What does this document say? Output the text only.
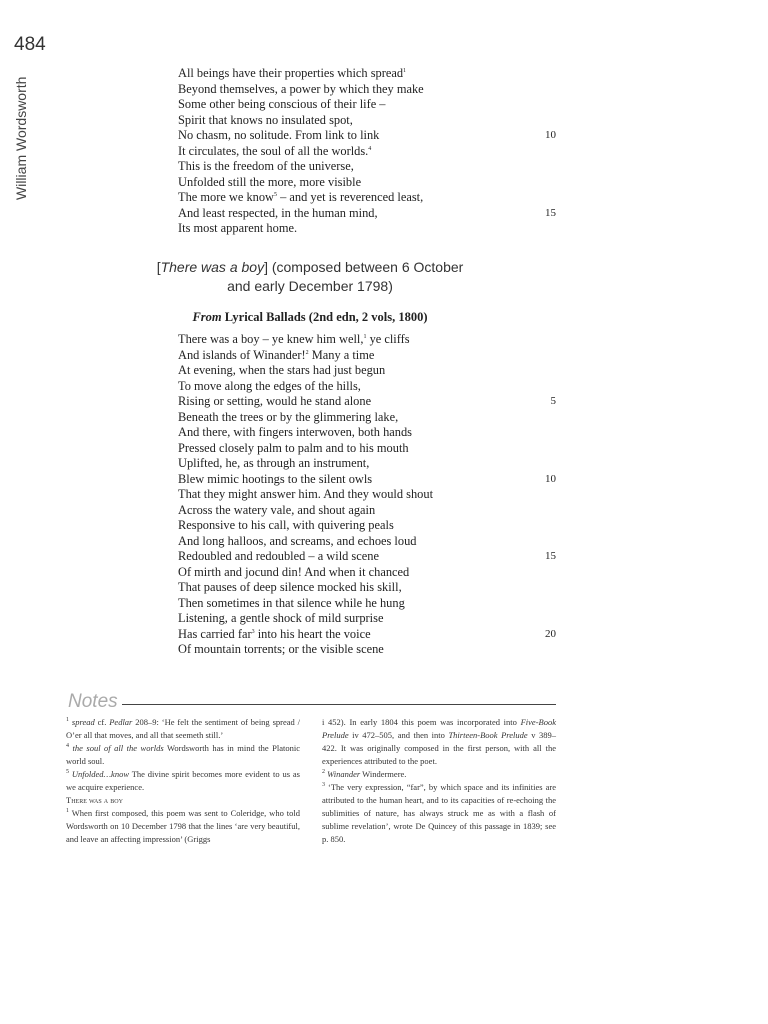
484
William Wordsworth
All beings have their properties which spread$^1$
Beyond themselves, a power by which they make
Some other being conscious of their life –
Spirit that knows no insulated spot,
No chasm, no solitude. From link to link	10
It circulates, the soul of all the worlds.$^4$
This is the freedom of the universe,
Unfolded still the more, more visible
The more we know$^5$ – and yet is reverenced least,
And least respected, in the human mind,	15
Its most apparent home.
[There was a boy] (composed between 6 October
and early December 1798)
From Lyrical Ballads (2nd edn, 2 vols, 1800)
There was a boy – ye knew him well,$^1$ ye cliffs
And islands of Winander!$^2$ Many a time
At evening, when the stars had just begun
To move along the edges of the hills,
Rising or setting, would he stand alone	5
Beneath the trees or by the glimmering lake,
And there, with fingers interwoven, both hands
Pressed closely palm to palm and to his mouth
Uplifted, he, as through an instrument,
Blew mimic hootings to the silent owls	10
That they might answer him. And they would shout
Across the watery vale, and shout again
Responsive to his call, with quivering peals
And long halloos, and screams, and echoes loud
Redoubled and redoubled – a wild scene	15
Of mirth and jocund din! And when it chanced
That pauses of deep silence mocked his skill,
Then sometimes in that silence while he hung
Listening, a gentle shock of mild surprise
Has carried far$^3$ into his heart the voice	20
Of mountain torrents; or the visible scene
Notes

$^1$ spread cf. Pedlar 208–9: ‘He felt the sentiment of being spread / O’er all that moves, and all that seemeth still.’

$^4$ the soul of all the worlds Wordsworth has in mind the Platonic world soul.

$^5$ Unfolded…know The divine spirit becomes more evident to us as we acquire experience.

There was a boy

$^1$ When first composed, this poem was sent to Coleridge, who told Wordsworth on 10 December 1798 that the lines ‘are very beautiful, and leave an affecting impression’ (Griggs

i 452). In early 1804 this poem was incorporated into Five-Book Prelude iv 472–505, and then into Thirteen-Book Prelude v 389–422. It was originally composed in the first person, with all the experiences attributed to the poet.

$^2$ Winander Windermere.

$^3$ ‘The very expression, “far”, by which space and its infinities are attributed to the human heart, and to its capacities of re-echoing the sublimities of nature, has always struck me as with a flash of sublime revelation’, wrote De Quincey of this passage in 1839; see p. 850.
